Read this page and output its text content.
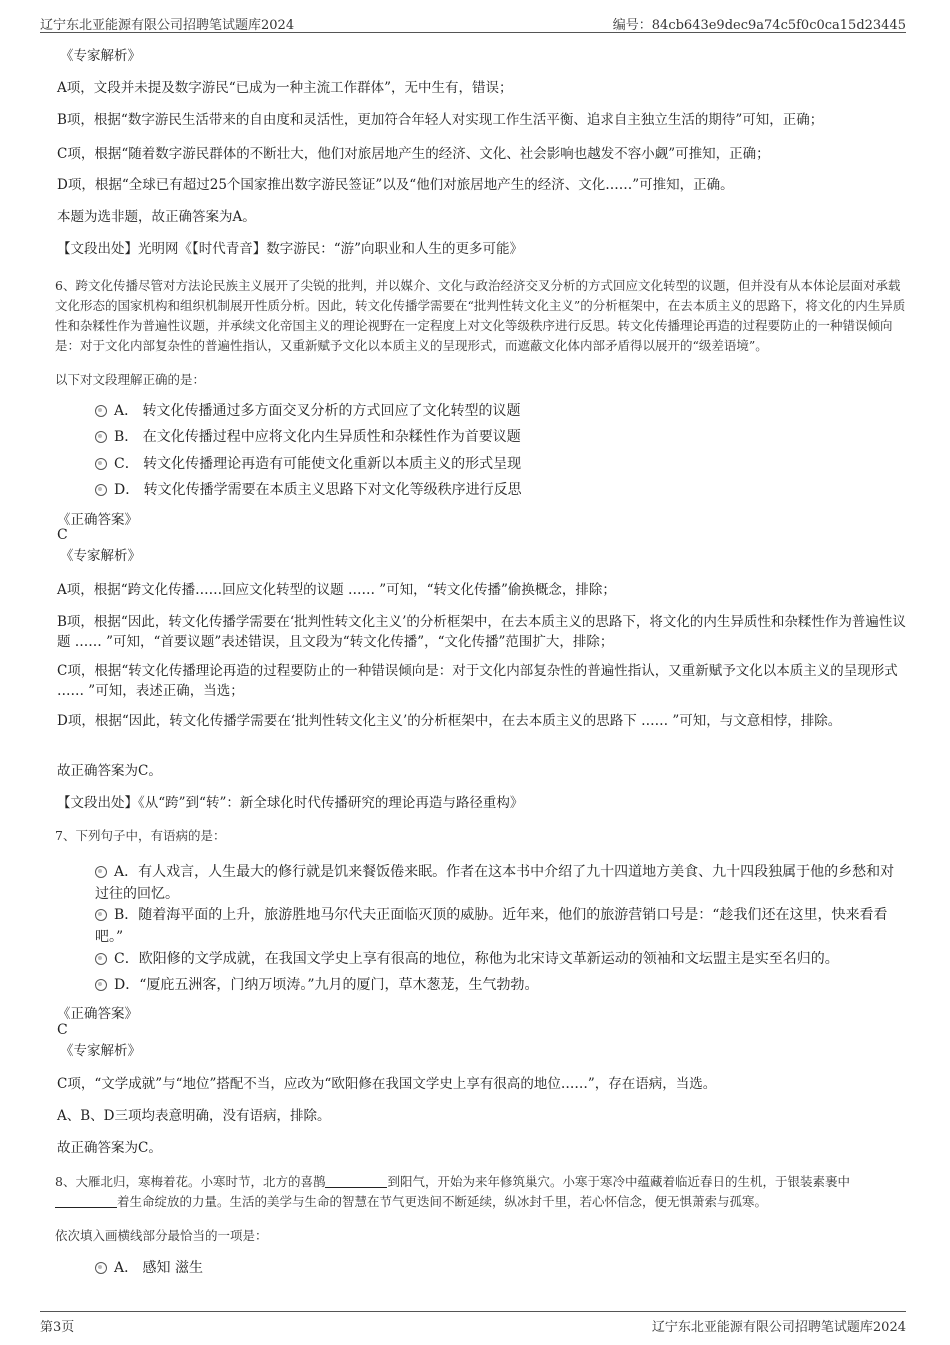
辽宁东北亚能源有限公司招聘笔试题库2024	编号：84cb643e9dec9a74c5f0c0ca15d23445
《专家解析》
A项，文段并未提及数字游民“已成为一种主流工作群体”，无中生有，错误；
B项，根据“数字游民生活带来的自由度和灵活性，更加符合年轻人对实现工作生活平衡、追求自主独立生活的期待”可知，正确；
C项，根据“随着数字游民群体的不断壮大，他们对旅居地产生的经济、文化、社会影响也越发不容小觑”可推知，正确；
D项，根据“全球已有超过25个国家推出数字游民签证”以及“他们对旅居地产生的经济、文化……”可推知，正确。
本题为选非题，故正确答案为A。
【文段出处】光明网《【时代青音】数字游民：“游”向职业和人生的更多可能》
6、跨文化传播尽管对方法论民族主义展开了尖锐的批判，并以媒介、文化与政治经济交叉分析的方式回应文化转型的议题，但并没有从本体论层面对承载文化形态的国家机构和组织机制展开性质分析。因此，转文化传播学需要在“批判性转文化主义”的分析框架中，在去本质主义的思路下，将文化的内生异质性和杂糅性作为普遍性议题，并承续文化帝国主义的理论视野在一定程度上对文化等级秩序进行反思。转文化传播理论再造的过程要防止的一种错误倾向是：对于文化内部复杂性的普遍性指认，又重新赋予文化以本质主义的呈现形式，而遮蔽文化体内部矛盾得以展开的“级差语境”。
以下对文段理解正确的是：
A． 转文化传播通过多方面交叉分析的方式回应了文化转型的议题
B． 在文化传播过程中应将文化内生异质性和杂糅性作为首要议题
C． 转文化传播理论再造有可能使文化重新以本质主义的形式呈现
D． 转文化传播学需要在本质主义思路下对文化等级秩序进行反思
《正确答案》
C
《专家解析》
A项，根据“跨文化传播……回应文化转型的议题 …… ”可知，“转文化传播”偷换概念，排除；
B项，根据“因此，转文化传播学需要在‘批判性转文化主义’的分析框架中，在去本质主义的思路下，将文化的内生异质性和杂糅性作为普遍性议题 …… ”可知，“首要议题”表述错误，且文段为“转文化传播”，“文化传播”范围扩大，排除；
C项，根据“转文化传播理论再造的过程要防止的一种错误倾向是：对于文化内部复杂性的普遍性指认，又重新赋予文化以本质主义的呈现形式 …… ”可知，表述正确，当选；
D项，根据“因此，转文化传播学需要在‘批判性转文化主义’的分析框架中，在去本质主义的思路下 …… ”可知，与文意相悖，排除。
故正确答案为C。
【文段出处】《从“跨”到“转”：新全球化时代传播研究的理论再造与路径重构》
7、下列句子中，有语病的是：
A．有人戏言，人生最大的修行就是饥来餐饭倦来眠。作者在这本书中介绍了九十四道地方美食、九十四段独属于他的乡愁和对过往的回忆。
B．随着海平面的上升，旅游胜地马尔代夫正面临灭顶的威胁。近年来，他们的旅游营销口号是：“趁我们还在这里，快来看看吧。”
C．欧阳修的文学成就，在我国文学史上享有很高的地位，称他为北宋诗文革新运动的领袖和文坛盟主是实至名归的。
D．“厦庇五洲客，门纳万顷涛。”九月的厦门，草木葱茏，生气勃勃。
《正确答案》
C
《专家解析》
C项，“文学成就”与“地位”搭配不当，应改为“欧阳修在我国文学史上享有很高的地位……”，存在语病，当选。
A、B、D三项均表意明确，没有语病，排除。
故正确答案为C。
8、大雁北归，寒梅着花。小寒时节，北方的喜鹊	到阳气，开始为来年修筑巢穴。小寒于寒冷中蕴藏着临近春日的生机，于银装素裹中着生命绽放的力量。生活的美学与生命的智慧在节气更迭间不断延续，纵冰封千里，若心怀信念，便无惧萧索与孤寒。
依次填入画横线部分最恰当的一项是：
A． 感知 滋生
第3页	辽宁东北亚能源有限公司招聘笔试题库2024
